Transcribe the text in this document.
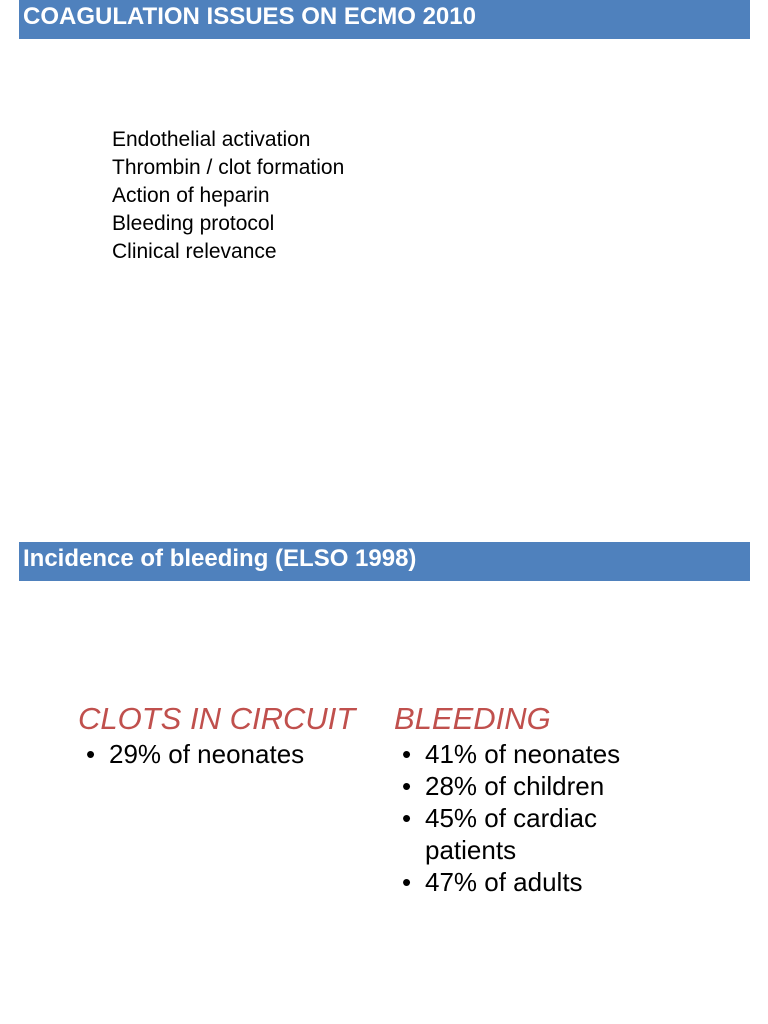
COAGULATION ISSUES ON ECMO 2010
Endothelial activation
Thrombin / clot formation
Action of heparin
Bleeding protocol
Clinical relevance
Incidence of bleeding (ELSO 1998)
CLOTS IN CIRCUIT
• 29% of neonates
BLEEDING
• 41% of neonates
• 28% of children
• 45% of cardiac patients
• 47% of adults
